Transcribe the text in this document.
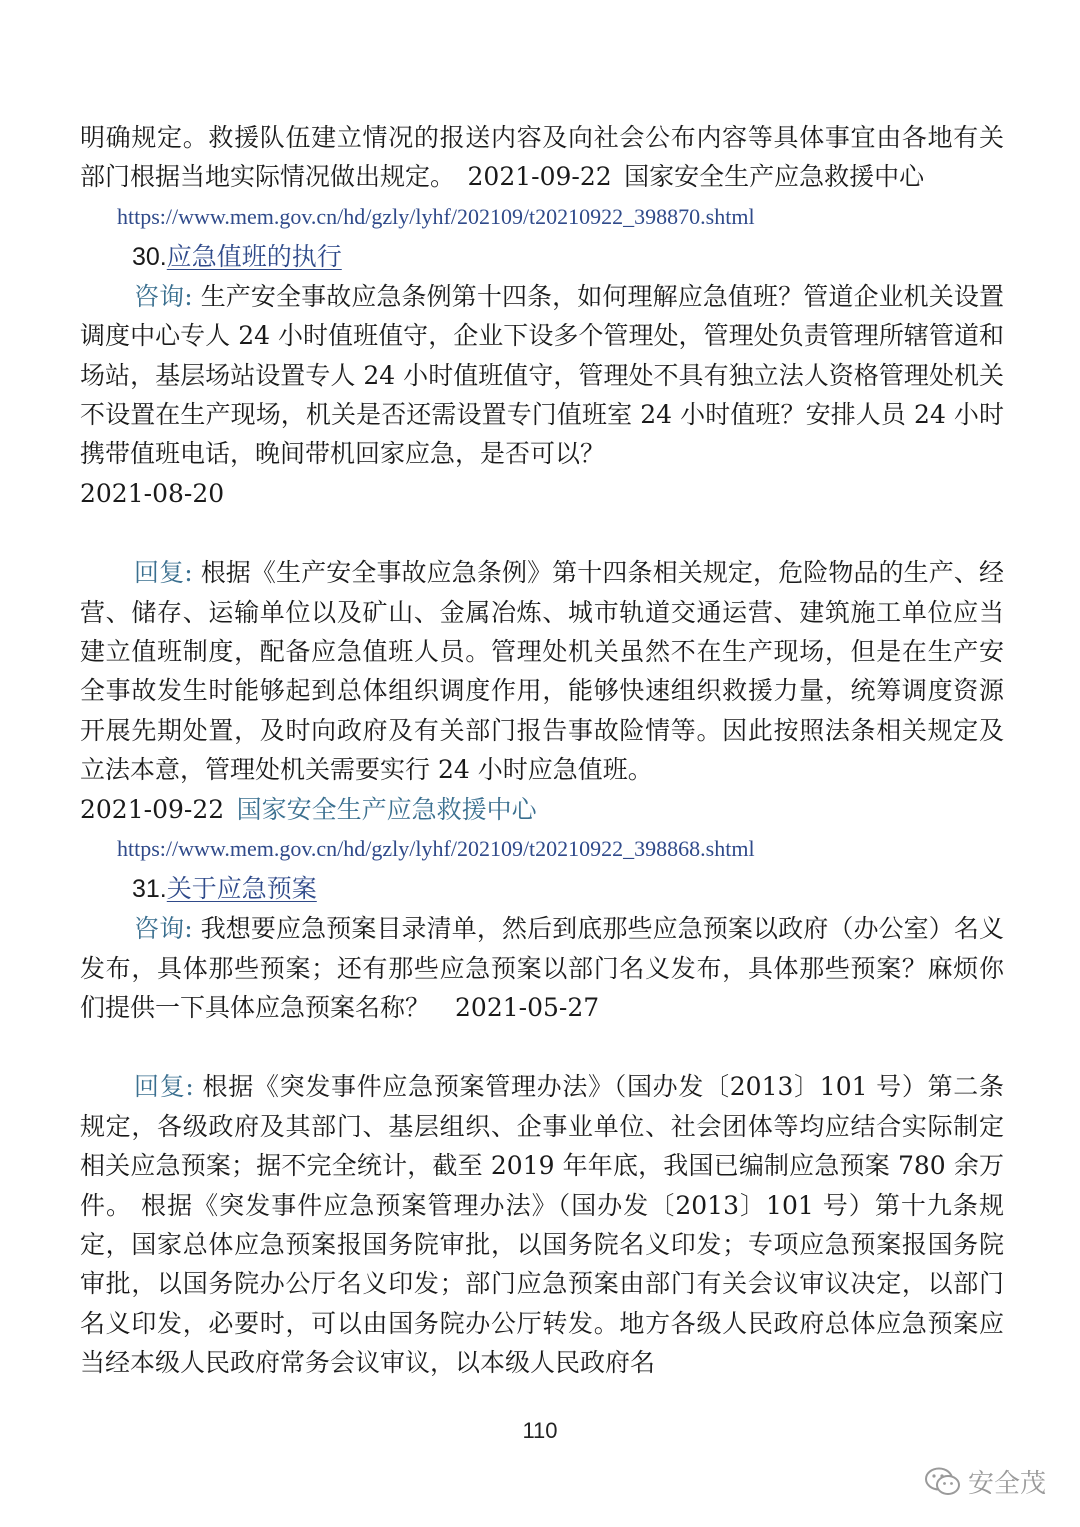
明确规定。救援队伍建立情况的报送内容及向社会公布内容等具体事宜由各地有关部门根据当地实际情况做出规定。  2021-09-22  国家安全生产应急救援中心

https://www.mem.gov.cn/hd/gzly/lyhf/202109/t20210922_398870.shtml

30.应急值班的执行

咨询: 生产安全事故应急条例第十四条，如何理解应急值班？管道企业机关设置调度中心专人 24 小时值班值守，企业下设多个管理处，管理处负责管理所辖管道和场站，基层场站设置专人 24 小时值班值守，管理处不具有独立法人资格管理处机关不设置在生产现场，机关是否还需设置专门值班室 24 小时值班？安排人员 24 小时携带值班电话，晚间带机回家应急，是否可以？

2021-08-20

回复: 根据《生产安全事故应急条例》第十四条相关规定，危险物品的生产、经营、储存、运输单位以及矿山、金属冶炼、城市轨道交通运营、建筑施工单位应当建立值班制度，配备应急值班人员。管理处机关虽然不在生产现场，但是在生产安全事故发生时能够起到总体组织调度作用，能够快速组织救援力量，统筹调度资源开展先期处置，及时向政府及有关部门报告事故险情等。因此按照法条相关规定及立法本意，管理处机关需要实行 24 小时应急值班。

2021-09-22  国家安全生产应急救援中心

https://www.mem.gov.cn/hd/gzly/lyhf/202109/t20210922_398868.shtml

31.关于应急预案

咨询: 我想要应急预案目录清单，然后到底那些应急预案以政府（办公室）名义发布，具体那些预案；还有那些应急预案以部门名义发布，具体那些预案？麻烦你们提供一下具体应急预案名称？  2021-05-27

回复: 根据《突发事件应急预案管理办法》（国办发〔2013〕101 号）第二条规定，各级政府及其部门、基层组织、企事业单位、社会团体等均应结合实际制定相关应急预案；据不完全统计，截至 2019 年年底，我国已编制应急预案 780 余万件。 根据《突发事件应急预案管理办法》（国办发〔2013〕101 号）第十九条规定，国家总体应急预案报国务院审批，以国务院名义印发；专项应急预案报国务院审批，以国务院办公厅名义印发；部门应急预案由部门有关会议审议决定，以部门名义印发，必要时，可以由国务院办公厅转发。地方各级人民政府总体应急预案应当经本级人民政府常务会议审议，以本级人民政府名

110
安全茂
